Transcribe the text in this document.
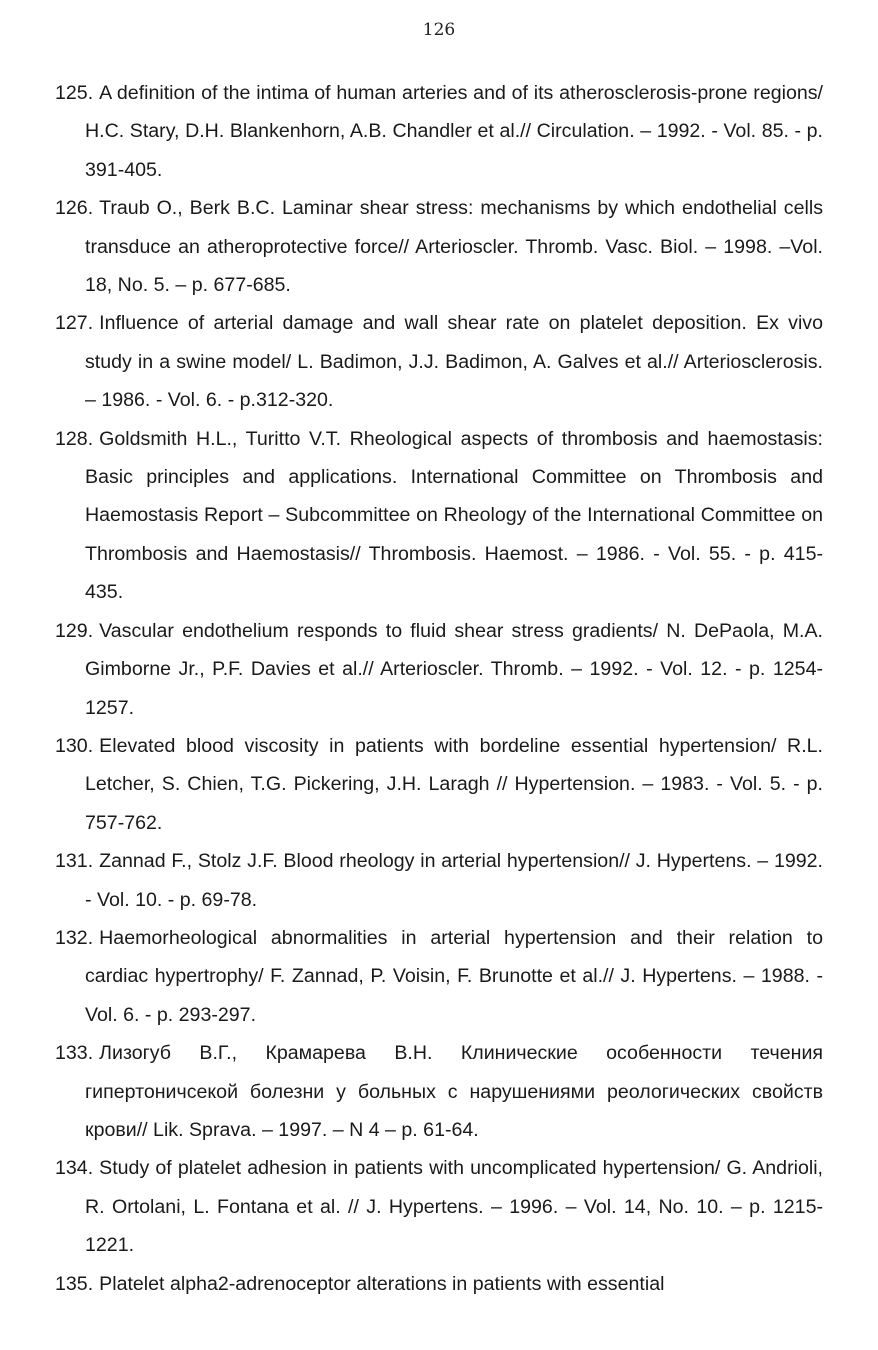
126
125. A definition of the intima of human arteries and of its atherosclerosis-prone regions/ H.C. Stary, D.H. Blankenhorn, A.B. Chandler et al.// Circulation. – 1992. - Vol. 85. - p. 391-405.
126. Traub O., Berk B.C. Laminar shear stress: mechanisms by which endothelial cells transduce an atheroprotective force// Arterioscler. Thromb. Vasc. Biol. – 1998. –Vol. 18, No. 5. – p. 677-685.
127. Influence of arterial damage and wall shear rate on platelet deposition. Ex vivo study in a swine model/ L. Badimon, J.J. Badimon, A. Galves et al.// Arteriosclerosis. – 1986. - Vol. 6. - p.312-320.
128. Goldsmith H.L., Turitto V.T. Rheological aspects of thrombosis and haemostasis: Basic principles and applications. International Committee on Thrombosis and Haemostasis Report – Subcommittee on Rheology of the International Committee on Thrombosis and Haemostasis// Thrombosis. Haemost. – 1986. - Vol. 55. - p. 415-435.
129. Vascular endothelium responds to fluid shear stress gradients/ N. DePaola, M.A. Gimborne Jr., P.F. Davies et al.// Arterioscler. Thromb. – 1992. - Vol. 12. - p. 1254-1257.
130. Elevated blood viscosity in patients with bordeline essential hypertension/ R.L. Letcher, S. Chien, T.G. Pickering, J.H. Laragh // Hypertension. – 1983. - Vol. 5. - p. 757-762.
131. Zannad F., Stolz J.F. Blood rheology in arterial hypertension// J. Hypertens. – 1992. - Vol. 10. - p. 69-78.
132. Haemorheological abnormalities in arterial hypertension and their relation to cardiac hypertrophy/ F. Zannad, P. Voisin, F. Brunotte et al.// J. Hypertens. – 1988. - Vol. 6. - p. 293-297.
133. Лизогуб В.Г., Крамарева В.Н. Клинические особенности течения гипертоничсекой болезни у больных с нарушениями реологических свойств крови// Lik. Sprava. – 1997. – N 4 – p. 61-64.
134. Study of platelet adhesion in patients with uncomplicated hypertension/ G. Andrioli, R. Ortolani, L. Fontana et al. // J. Hypertens. – 1996. – Vol. 14, No. 10. – p. 1215-1221.
135. Platelet alpha2-adrenoceptor alterations in patients with essential
